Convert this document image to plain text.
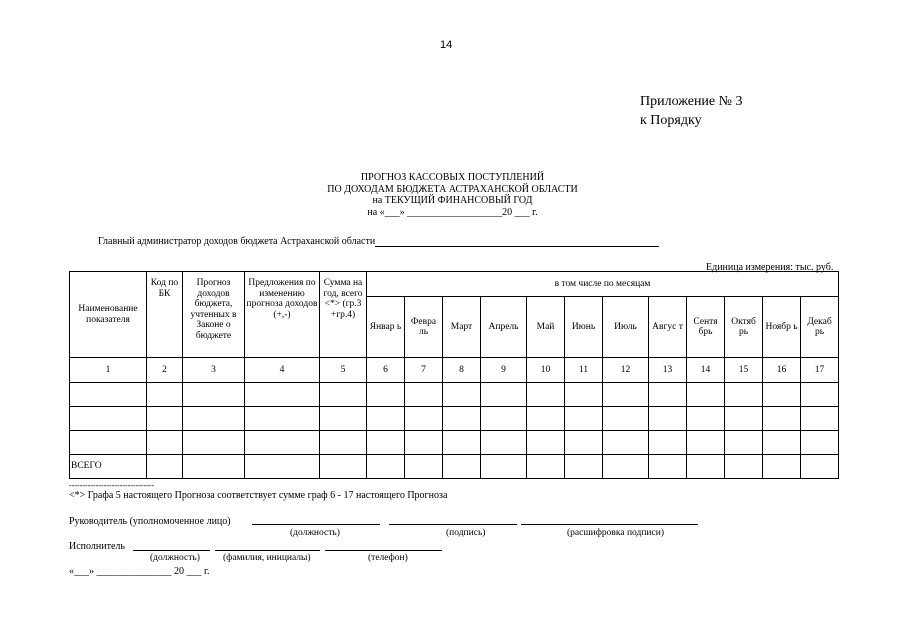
14
Приложение № 3
к Порядку
ПРОГНОЗ КАССОВЫХ ПОСТУПЛЕНИЙ
ПО ДОХОДАМ БЮДЖЕТА АСТРАХАНСКОЙ ОБЛАСТИ
на ТЕКУЩИЙ ФИНАНСОВЫЙ ГОД
на «___» ___________________20 ___ г.
Главный администратор доходов бюджета Астраханской области
Единица измерения: тыс. руб.
Наименование показателя	Код по БК	Прогноз доходов бюджета, учтенных в Законе о бюджете	Предложения по изменению прогноза доходов (+,-)	Сумма на год, всего <*> (гр.3 +гр.4)	в том числе по месяцам											
					Январ ь	Февра ль	Март	Апрель	Май	Июнь	Июль	Авгус т	Сентя брь	Октяб рь	Ноябр ь	Декаб рь
1	2	3	4	5	6	7	8	9	10	11	12	13	14	15	16	17

ВСЕГО																
--------------------------------
<*> Графа 5 настоящего Прогноза соответствует сумме граф 6 - 17 настоящего Прогноза
Руководитель (уполномоченное лицо)
(должность)	(подпись)	(расшифровка подписи)
Исполнитель
(должность) (фамилия, инициалы)	(телефон)
«___» _______________ 20 ___ г.
